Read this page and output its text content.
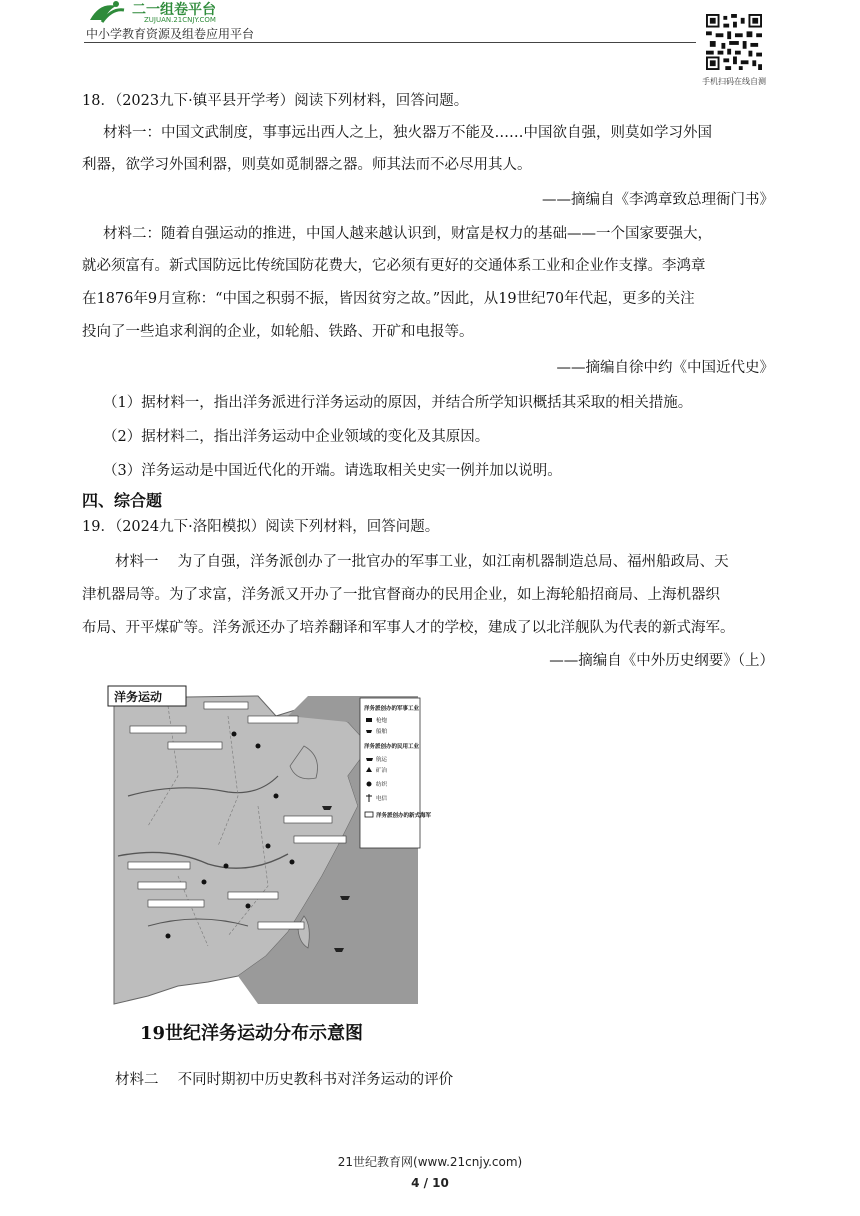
二一组卷平台
ZUJUAN.21CNJY.COM
中小学教育资源及组卷应用平台
手机扫码在线自测
18．（2023九下·镇平县开学考）阅读下列材料，回答问题。
材料一：中国文武制度，事事远出西人之上，独火器万不能及……中国欲自强，则莫如学习外国
利器，欲学习外国利器，则莫如觅制器之器。师其法而不必尽用其人。
——摘编自《李鸿章致总理衙门书》
材料二：随着自强运动的推进，中国人越来越认识到，财富是权力的基础——一个国家要强大，
就必须富有。新式国防远比传统国防花费大，它必须有更好的交通体系工业和企业作支撑。李鸿章
在1876年9月宣称：“中国之积弱不振，皆因贫穷之故。”因此，从19世纪70年代起，更多的关注
投向了一些追求利润的企业，如轮船、铁路、开矿和电报等。
——摘编自徐中约《中国近代史》
（1）据材料一，指出洋务派进行洋务运动的原因，并结合所学知识概括其采取的相关措施。
（2）据材料二，指出洋务运动中企业领域的变化及其原因。
（3）洋务运动是中国近代化的开端。请选取相关史实一例并加以说明。
四、综合题
19．（2024九下·洛阳模拟）阅读下列材料，回答问题。
材料一　 为了自强，洋务派创办了一批官办的军事工业，如江南机器制造总局、福州船政局、天
津机器局等。为了求富，洋务派又开办了一批官督商办的民用企业，如上海轮船招商局、上海机器织
布局、开平煤矿等。洋务派还办了培养翻译和军事人才的学校，建成了以北洋舰队为代表的新式海军。
——摘编自《中外历史纲要》（上）
洋务运动
洋务派创办的军事工业
枪炮
船舶
洋务派创办的民用工业
航运
矿冶
纺织
电信
洋务派创办的新式海军
19世纪洋务运动分布示意图
材料二　 不同时期初中历史教科书对洋务运动的评价
21世纪教育网(www.21cnjy.com)
4 / 10
